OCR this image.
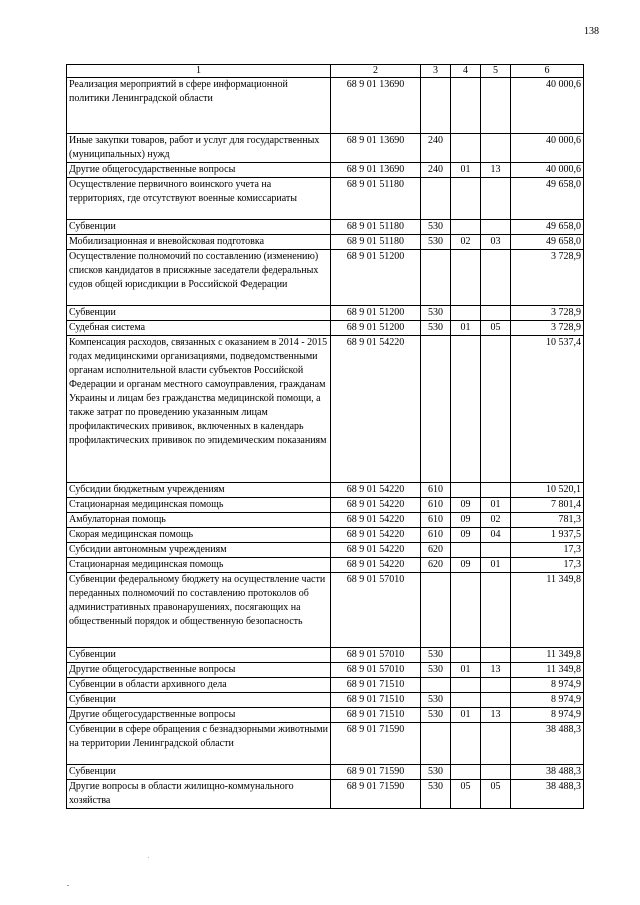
138
1	2	3	4	5	6
Реализация мероприятий в сфере информационной политики Ленинградской области	68 9 01 13690				40 000,6
Иные закупки товаров, работ и услуг для государственных (муниципальных) нужд	68 9 01 13690	240			40 000,6
Другие общегосударственные вопросы	68 9 01 13690	240	01	13	40 000,6
Осуществление первичного воинского учета на территориях, где отсутствуют военные комиссариаты	68 9 01 51180				49 658,0
Субвенции	68 9 01 51180	530			49 658,0
Мобилизационная и вневойсковая подготовка	68 9 01 51180	530	02	03	49 658,0
Осуществление полномочий по составлению (изменению) списков кандидатов в присяжные заседатели федеральных судов общей юрисдикции в Российской Федерации	68 9 01 51200				3 728,9
Субвенции	68 9 01 51200	530			3 728,9
Судебная система	68 9 01 51200	530	01	05	3 728,9
Компенсация расходов, связанных с оказанием в 2014 - 2015 годах медицинскими организациями, подведомственными органам исполнительной власти субъектов Российской Федерации и органам местного самоуправления, гражданам Украины и лицам без гражданства медицинской помощи, а также затрат по проведению указанным лицам профилактических прививок, включенных в календарь профилактических прививок по эпидемическим показаниям	68 9 01 54220				10 537,4
Субсидии бюджетным учреждениям	68 9 01 54220	610			10 520,1
Стационарная медицинская помощь	68 9 01 54220	610	09	01	7 801,4
Амбулаторная помощь	68 9 01 54220	610	09	02	781,3
Скорая медицинская помощь	68 9 01 54220	610	09	04	1 937,5
Субсидии автономным учреждениям	68 9 01 54220	620			17,3
Стационарная медицинская помощь	68 9 01 54220	620	09	01	17,3
Субвенции федеральному бюджету на осуществление части переданных полномочий по составлению протоколов об административных правонарушениях, посягающих на общественный порядок и общественную безопасность	68 9 01 57010				11 349,8
Субвенции	68 9 01 57010	530			11 349,8
Другие общегосударственные вопросы	68 9 01 57010	530	01	13	11 349,8
Субвенции в области архивного дела	68 9 01 71510				8 974,9
Субвенции	68 9 01 71510	530			8 974,9
Другие общегосударственные вопросы	68 9 01 71510	530	01	13	8 974,9
Субвенции в сфере обращения с безнадзорными животными на территории Ленинградской области	68 9 01 71590				38 488,3
Субвенции	68 9 01 71590	530			38 488,3
Другие вопросы в области жилищно-коммунального хозяйства	68 9 01 71590	530	05	05	38 488,3
